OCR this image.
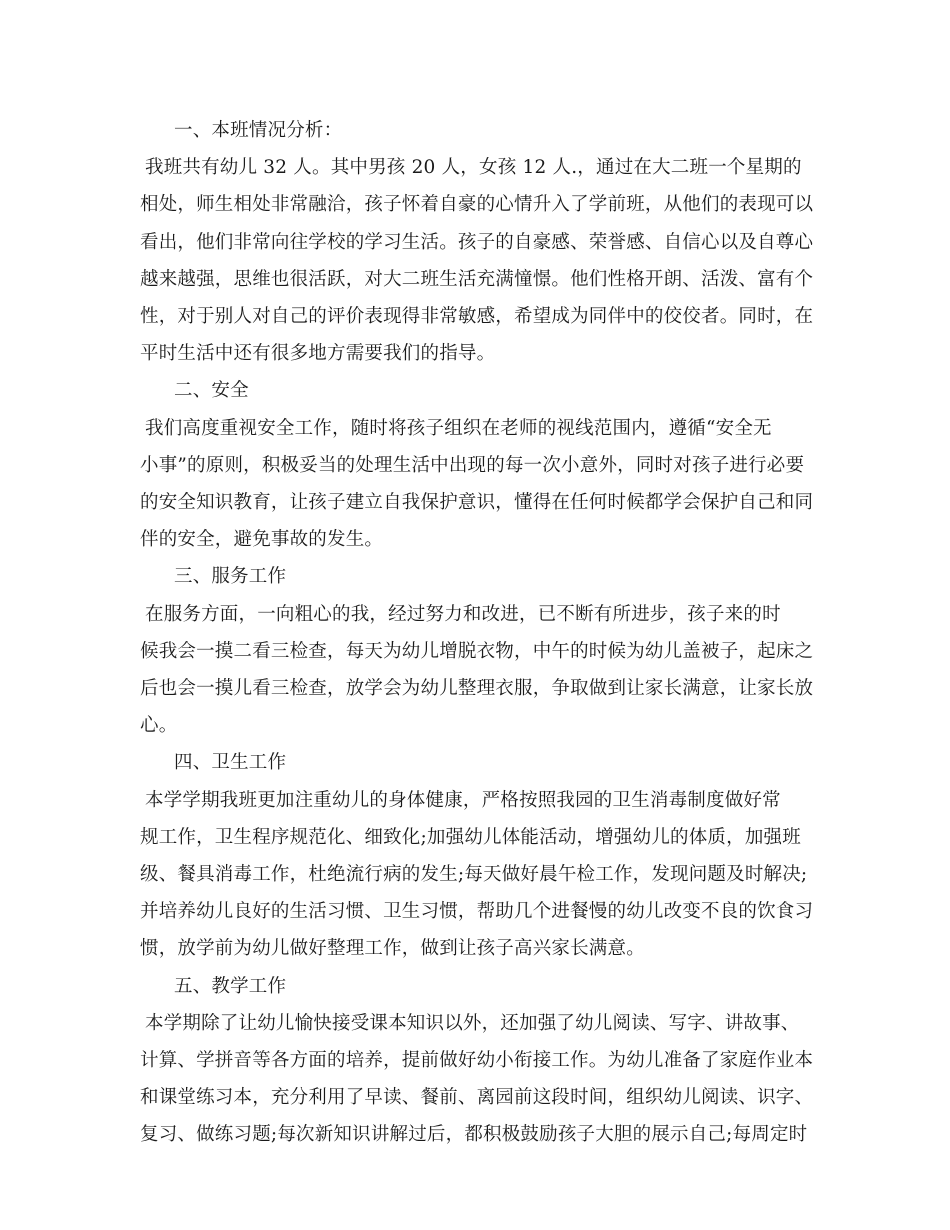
一、本班情况分析：

我班共有幼儿 32 人。其中男孩 20 人，女孩 12 人.，通过在大二班一个星期的

相处，师生相处非常融洽，孩子怀着自豪的心情升入了学前班，从他们的表现可以

看出，他们非常向往学校的学习生活。孩子的自豪感、荣誉感、自信心以及自尊心

越来越强，思维也很活跃，对大二班生活充满憧憬。他们性格开朗、活泼、富有个

性，对于别人对自己的评价表现得非常敏感，希望成为同伴中的佼佼者。同时，在

平时生活中还有很多地方需要我们的指导。

二、安全

我们高度重视安全工作，随时将孩子组织在老师的视线范围内，遵循“安全无

小事”的原则，积极妥当的处理生活中出现的每一次小意外，同时对孩子进行必要

的安全知识教育，让孩子建立自我保护意识，懂得在任何时候都学会保护自己和同

伴的安全，避免事故的发生。

三、服务工作

在服务方面，一向粗心的我，经过努力和改进，已不断有所进步，孩子来的时

候我会一摸二看三检查，每天为幼儿增脱衣物，中午的时候为幼儿盖被子，起床之

后也会一摸儿看三检查，放学会为幼儿整理衣服，争取做到让家长满意，让家长放

心。

四、卫生工作

本学学期我班更加注重幼儿的身体健康，严格按照我园的卫生消毒制度做好常

规工作，卫生程序规范化、细致化;加强幼儿体能活动，增强幼儿的体质，加强班

级、餐具消毒工作，杜绝流行病的发生;每天做好晨午检工作，发现问题及时解决;

并培养幼儿良好的生活习惯、卫生习惯，帮助几个进餐慢的幼儿改变不良的饮食习

惯，放学前为幼儿做好整理工作，做到让孩子高兴家长满意。

五、教学工作

本学期除了让幼儿愉快接受课本知识以外，还加强了幼儿阅读、写字、讲故事、

计算、学拼音等各方面的培养，提前做好幼小衔接工作。为幼儿准备了家庭作业本

和课堂练习本，充分利用了早读、餐前、离园前这段时间，组织幼儿阅读、识字、

复习、做练习题;每次新知识讲解过后，都积极鼓励孩子大胆的展示自己;每周定时
